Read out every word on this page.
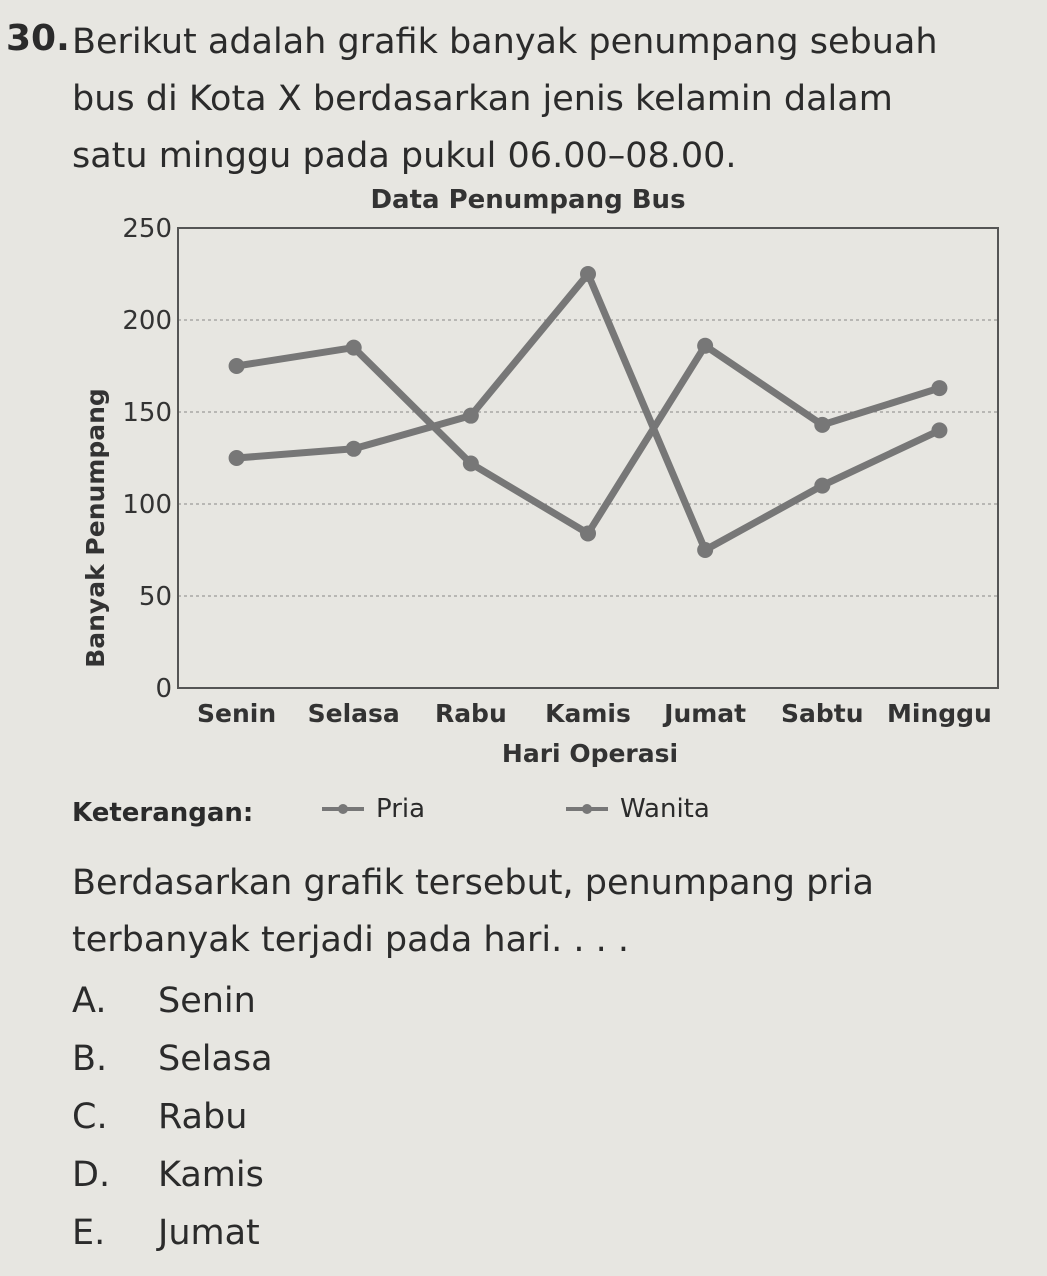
30. Berikut adalah grafik banyak penumpang sebuah
bus di Kota X berdasarkan jenis kelamin dalam
satu minggu pada pukul 06.00–08.00.
Data Penumpang Bus
Banyak Penumpang
Hari Operasi
0
50
100
150
200
250
Senin Selasa Rabu Kamis Jumat Sabtu Minggu
Keterangan:	Pria	Wanita
Berdasarkan grafik tersebut, penumpang pria
terbanyak terjadi pada hari. . . .
A.	Senin
B.	Selasa
C.	Rabu
D.	Kamis
E.	Jumat
